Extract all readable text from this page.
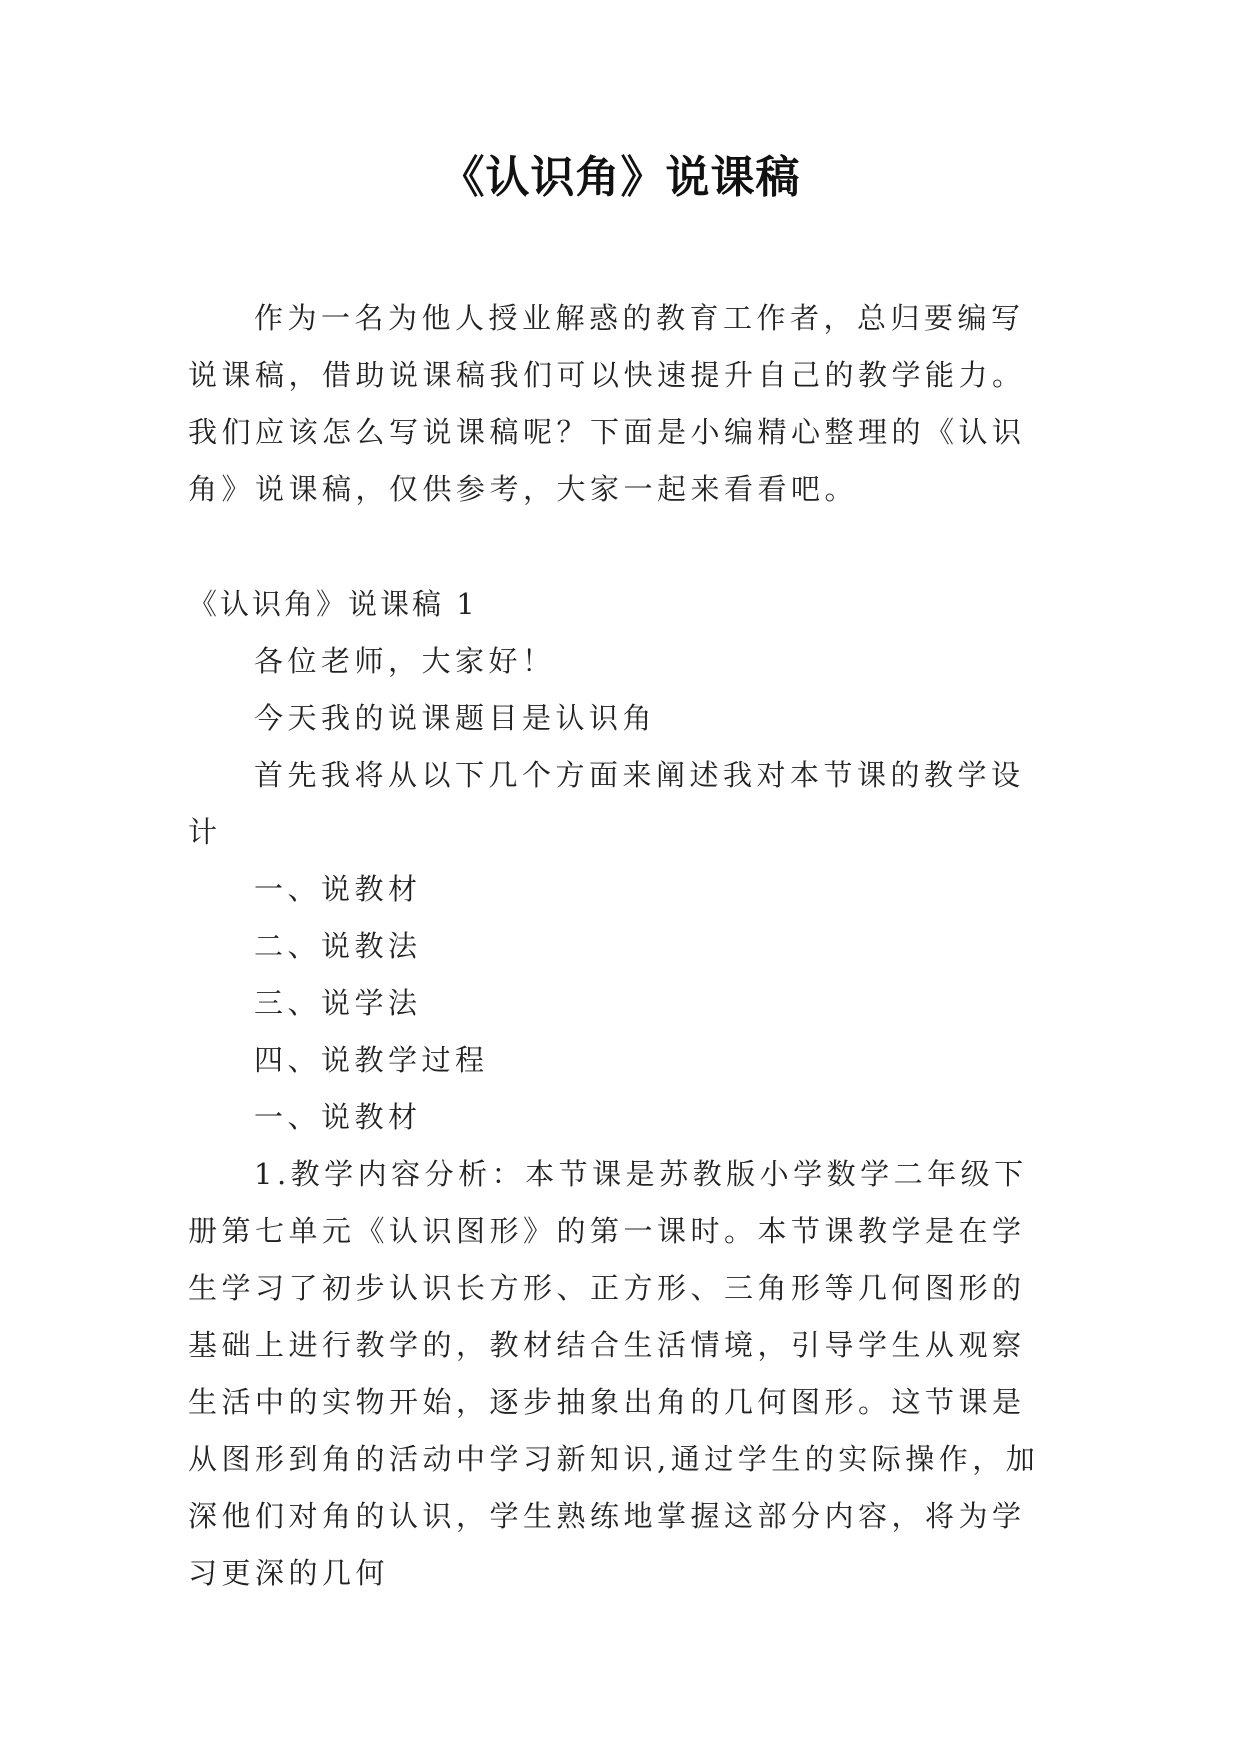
《认识角》说课稿
作为一名为他人授业解惑的教育工作者，总归要编写说课稿，借助说课稿我们可以快速提升自己的教学能力。我们应该怎么写说课稿呢？下面是小编精心整理的《认识角》说课稿，仅供参考，大家一起来看看吧。

《认识角》说课稿 1

各位老师，大家好！

今天我的说课题目是认识角

首先我将从以下几个方面来阐述我对本节课的教学设计

一、说教材

二、说教法

三、说学法

四、说教学过程

一、说教材

1.教学内容分析：本节课是苏教版小学数学二年级下册第七单元《认识图形》的第一课时。本节课教学是在学生学习了初步认识长方形、正方形、三角形等几何图形的基础上进行教学的，教材结合生活情境，引导学生从观察生活中的实物开始，逐步抽象出角的几何图形。这节课是从图形到角的活动中学习新知识,通过学生的实际操作，加深他们对角的认识，学生熟练地掌握这部分内容，将为学习更深的几何
